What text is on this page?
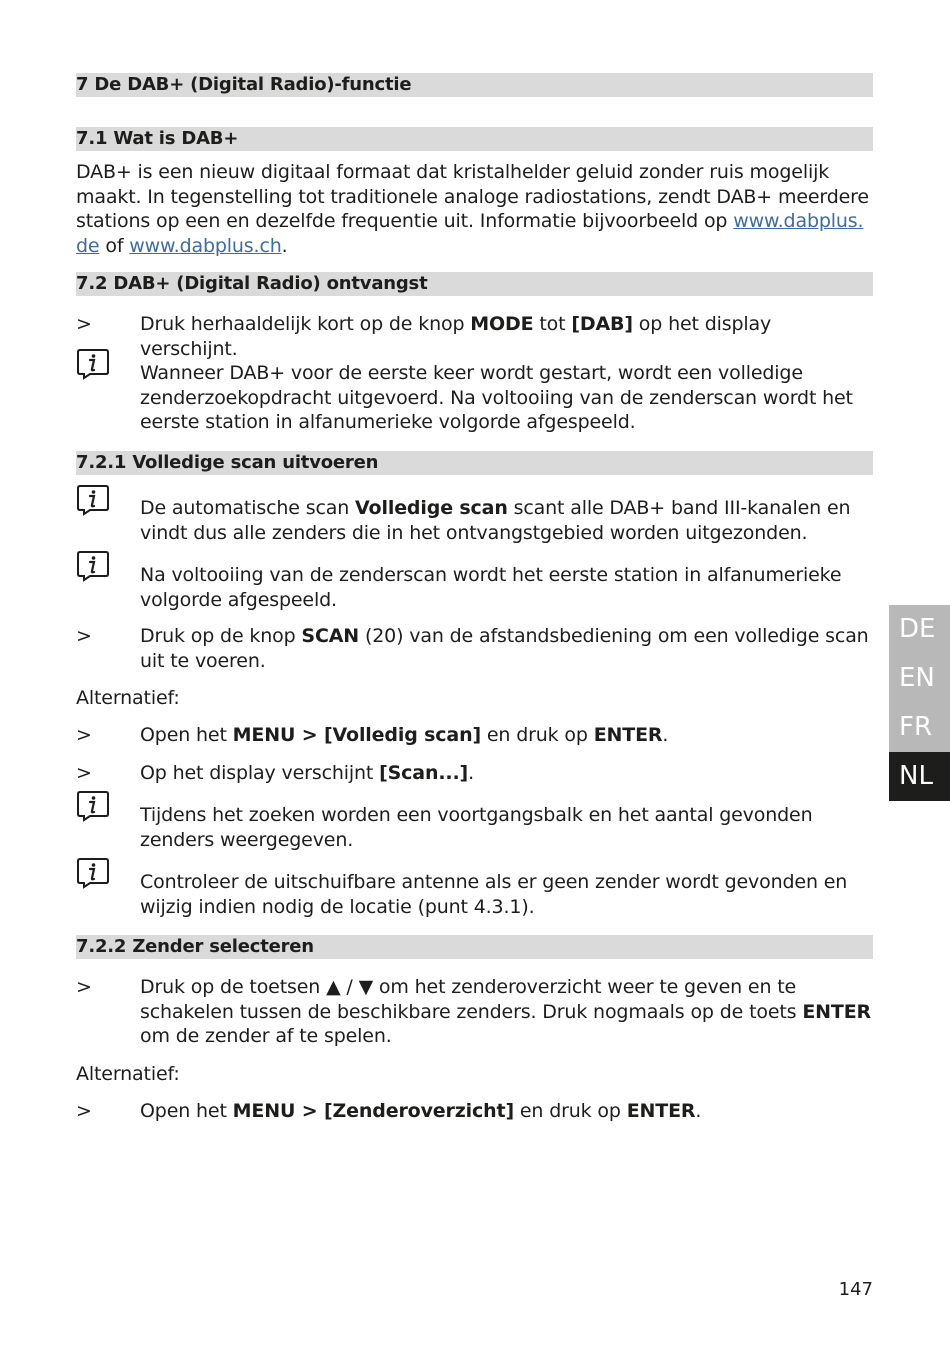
7 De DAB+ (Digital Radio)-functie
7.1 Wat is DAB+
DAB+ is een nieuw digitaal formaat dat kristalhelder geluid zonder ruis mogelijk
maakt. In tegenstelling tot traditionele analoge radiostations, zendt DAB+ meerdere
stations op een en dezelfde frequentie uit. Informatie bijvoorbeeld op www.dabplus.
de of www.dabplus.ch.
7.2 DAB+ (Digital Radio) ontvangst
>	Druk herhaaldelijk kort op de knop MODE tot [DAB] op het display verschijnt.
Wanneer DAB+ voor de eerste keer wordt gestart, wordt een volledige
zenderzoekopdracht uitgevoerd. Na voltooiing van de zenderscan wordt het
eerste station in alfanumerieke volgorde afgespeeld.
7.2.1 Volledige scan uitvoeren
De automatische scan Volledige scan scant alle DAB+ band III-kanalen en
vindt dus alle zenders die in het ontvangstgebied worden uitgezonden.
Na voltooiing van de zenderscan wordt het eerste station in alfanumerieke
volgorde afgespeeld.
>	Druk op de knop SCAN (20) van de afstandsbediening om een volledige scan
uit te voeren.
Alternatief:
>	Open het MENU > [Volledig scan] en druk op ENTER.
>	Op het display verschijnt [Scan...].
Tijdens het zoeken worden een voortgangsbalk en het aantal gevonden
zenders weergegeven.
Controleer de uitschuifbare antenne als er geen zender wordt gevonden en
wijzig indien nodig de locatie (punt 4.3.1).
7.2.2 Zender selecteren
>	Druk op de toetsen ▲ / ▼ om het zenderoverzicht weer te geven en te
schakelen tussen de beschikbare zenders. Druk nogmaals op de toets ENTER
om de zender af te spelen.
Alternatief:
>	Open het MENU > [Zenderoverzicht] en druk op ENTER.
DE
EN
FR
NL
147
